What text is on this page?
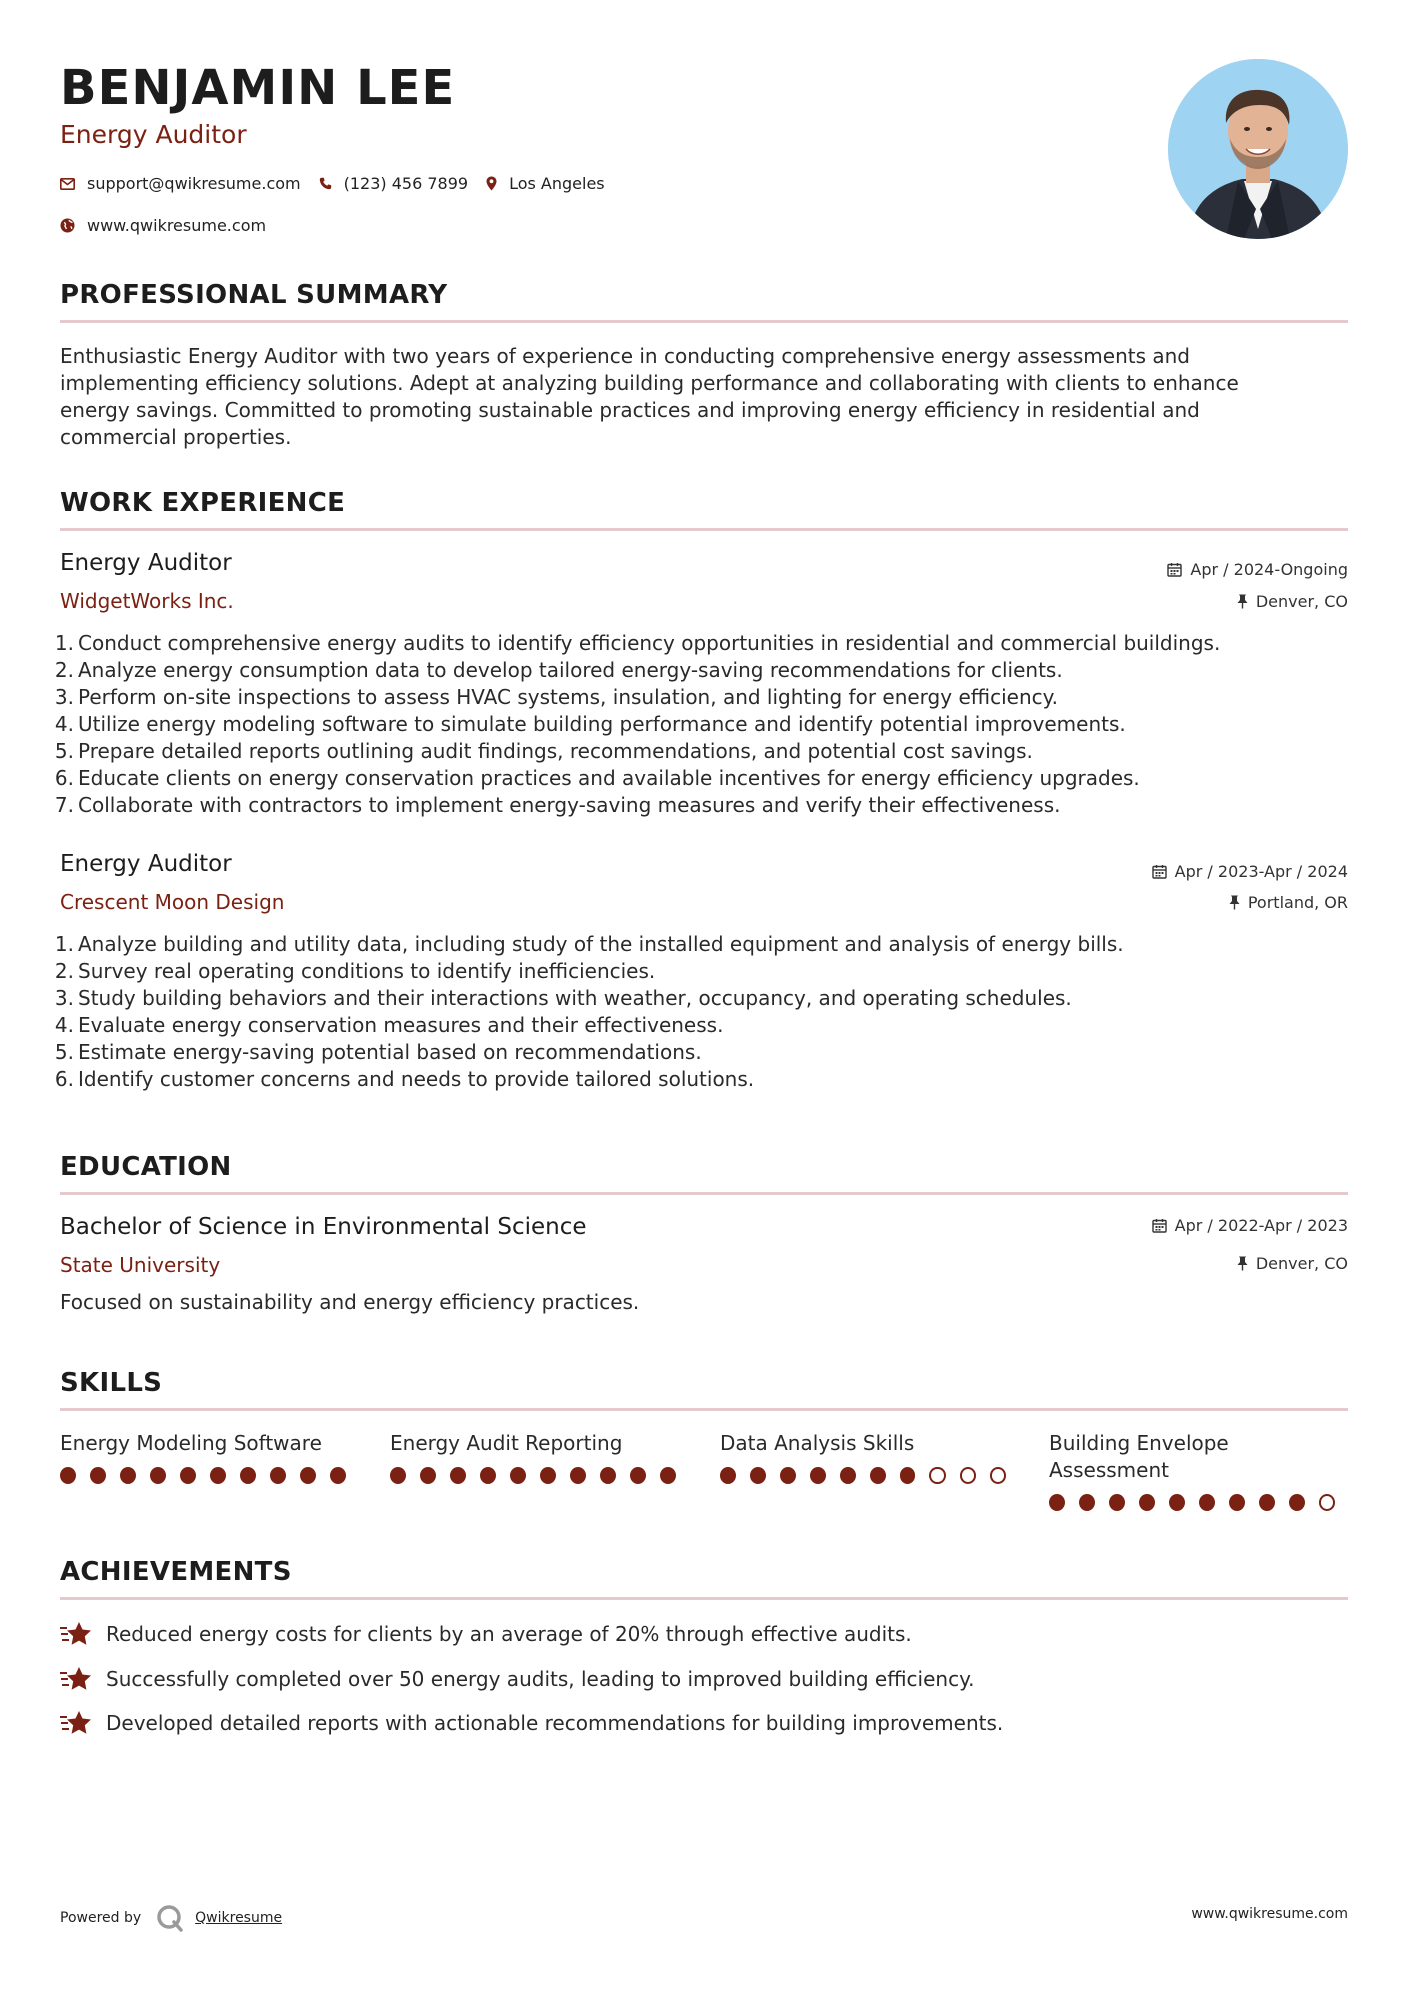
BENJAMIN LEE
Energy Auditor
support@qwikresume.com	(123) 456 7899	Los Angeles
www.qwikresume.com
PROFESSIONAL SUMMARY
Enthusiastic Energy Auditor with two years of experience in conducting comprehensive energy assessments and
implementing efficiency solutions. Adept at analyzing building performance and collaborating with clients to enhance
energy savings. Committed to promoting sustainable practices and improving energy efficiency in residential and
commercial properties.
WORK EXPERIENCE
Energy Auditor
WidgetWorks Inc.
Apr / 2024-Ongoing
Denver, CO
1. Conduct comprehensive energy audits to identify efficiency opportunities in residential and commercial buildings.
2. Analyze energy consumption data to develop tailored energy-saving recommendations for clients.
3. Perform on-site inspections to assess HVAC systems, insulation, and lighting for energy efficiency.
4. Utilize energy modeling software to simulate building performance and identify potential improvements.
5. Prepare detailed reports outlining audit findings, recommendations, and potential cost savings.
6. Educate clients on energy conservation practices and available incentives for energy efficiency upgrades.
7. Collaborate with contractors to implement energy-saving measures and verify their effectiveness.
Energy Auditor
Crescent Moon Design
Apr / 2023-Apr / 2024
Portland, OR
1. Analyze building and utility data, including study of the installed equipment and analysis of energy bills.
2. Survey real operating conditions to identify inefficiencies.
3. Study building behaviors and their interactions with weather, occupancy, and operating schedules.
4. Evaluate energy conservation measures and their effectiveness.
5. Estimate energy-saving potential based on recommendations.
6. Identify customer concerns and needs to provide tailored solutions.
EDUCATION
Bachelor of Science in Environmental Science
State University
Apr / 2022-Apr / 2023
Denver, CO
Focused on sustainability and energy efficiency practices.
SKILLS
Energy Modeling Software	Energy Audit Reporting	Data Analysis Skills	Building Envelope
Assessment
ACHIEVEMENTS
Reduced energy costs for clients by an average of 20% through effective audits.
Successfully completed over 50 energy audits, leading to improved building efficiency.
Developed detailed reports with actionable recommendations for building improvements.
Powered by	Qwikresume	www.qwikresume.com
